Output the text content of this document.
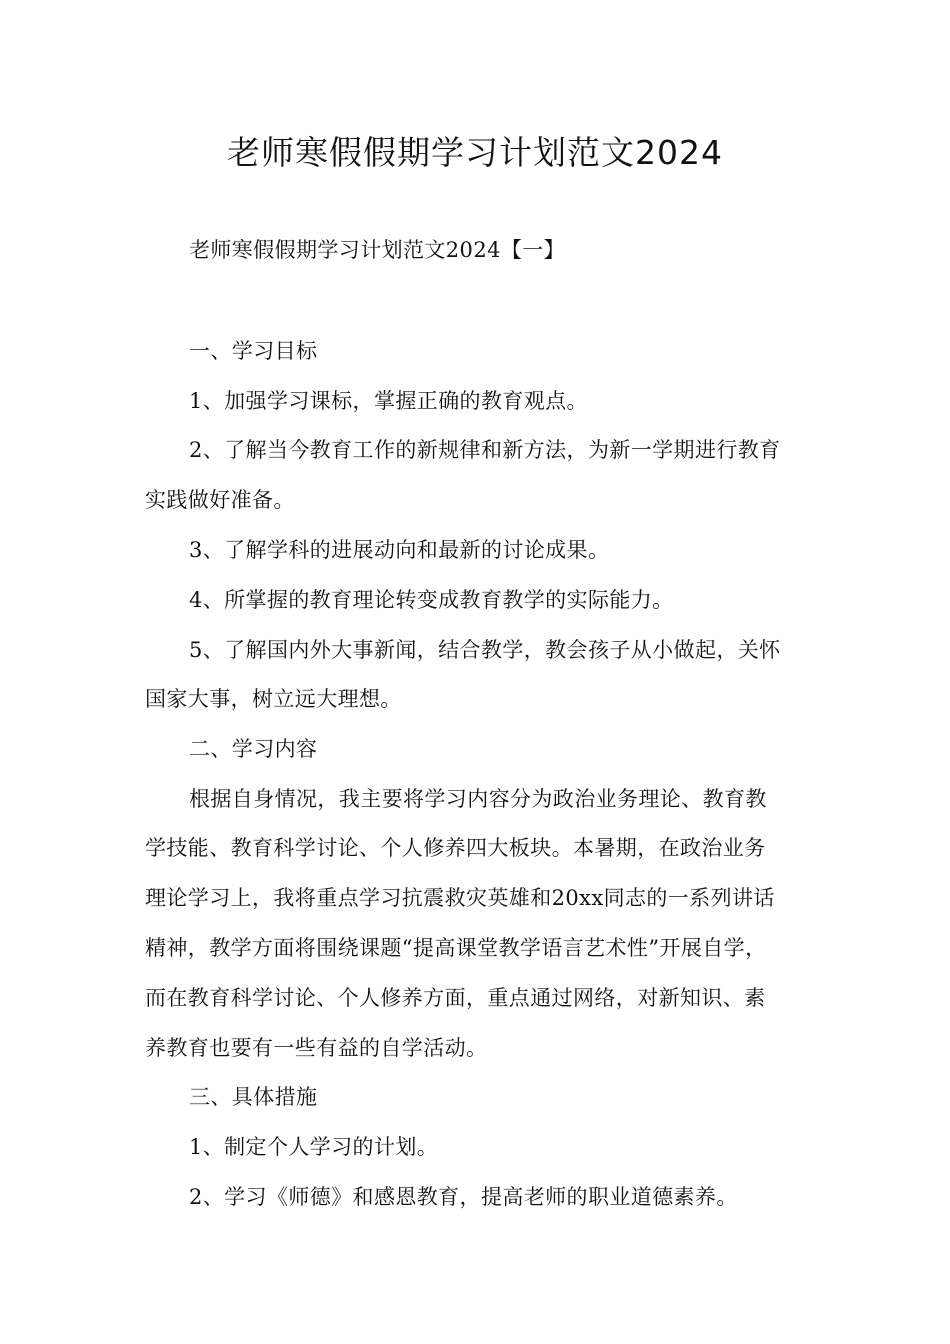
老师寒假假期学习计划范文2024
老师寒假假期学习计划范文2024【一】
一、学习目标
1、加强学习课标，掌握正确的教育观点。
2、了解当今教育工作的新规律和新方法，为新一学期进行教育
实践做好准备。
3、了解学科的进展动向和最新的讨论成果。
4、所掌握的教育理论转变成教育教学的实际能力。
5、了解国内外大事新闻，结合教学，教会孩子从小做起，关怀
国家大事，树立远大理想。
二、学习内容
根据自身情况，我主要将学习内容分为政治业务理论、教育教
学技能、教育科学讨论、个人修养四大板块。本暑期，在政治业务
理论学习上，我将重点学习抗震救灾英雄和20xx同志的一系列讲话
精神，教学方面将围绕课题“提高课堂教学语言艺术性”开展自学，
而在教育科学讨论、个人修养方面，重点通过网络，对新知识、素
养教育也要有一些有益的自学活动。
三、具体措施
1、制定个人学习的计划。
2、学习《师德》和感恩教育，提高老师的职业道德素养。
